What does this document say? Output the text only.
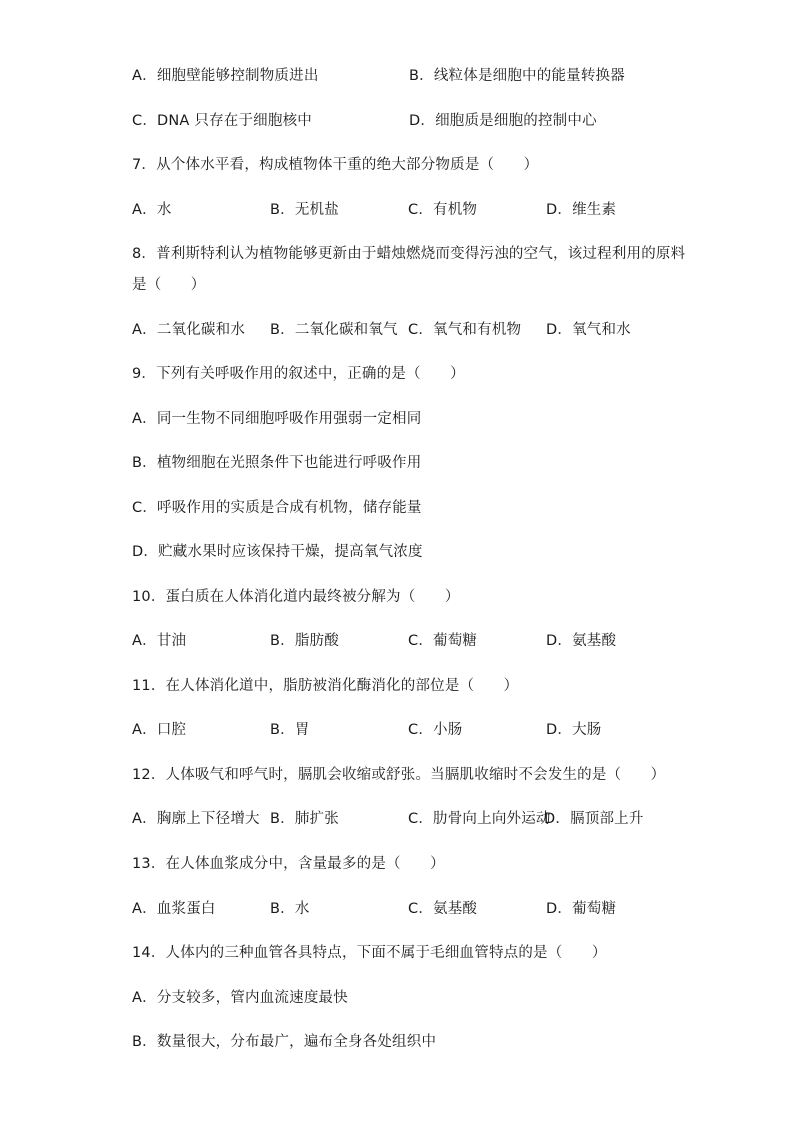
A．细胞壁能够控制物质进出	B．线粒体是细胞中的能量转换器
C．DNA 只存在于细胞核中	D．细胞质是细胞的控制中心
7．从个体水平看，构成植物体干重的绝大部分物质是（　　）
A．水	B．无机盐	C．有机物	D．维生素
8．普利斯特利认为植物能够更新由于蜡烛燃烧而变得污浊的空气，该过程利用的原料
是（　　）
A．二氧化碳和水 B．二氧化碳和氧气 C．氧气和有机物 D．氧气和水
9．下列有关呼吸作用的叙述中，正确的是（　　）
A．同一生物不同细胞呼吸作用强弱一定相同
B．植物细胞在光照条件下也能进行呼吸作用
C．呼吸作用的实质是合成有机物，储存能量
D．贮藏水果时应该保持干燥，提高氧气浓度
10．蛋白质在人体消化道内最终被分解为（　　）
A．甘油	B．脂肪酸	C．葡萄糖	D．氨基酸
11．在人体消化道中，脂肪被消化酶消化的部位是（　　）
A．口腔	B．胃	C．小肠	D．大肠
12．人体吸气和呼气时，膈肌会收缩或舒张。当膈肌收缩时不会发生的是（　　）
A．胸廓上下径增大 B．肺扩张	C．肋骨向上向外运动
D．膈顶部上升
13．在人体血浆成分中，含量最多的是（　　）
A．血浆蛋白	B．水	C．氨基酸	D．葡萄糖
14．人体内的三种血管各具特点，下面不属于毛细血管特点的是（　　）
A．分支较多，管内血流速度最快
B．数量很大，分布最广，遍布全身各处组织中
